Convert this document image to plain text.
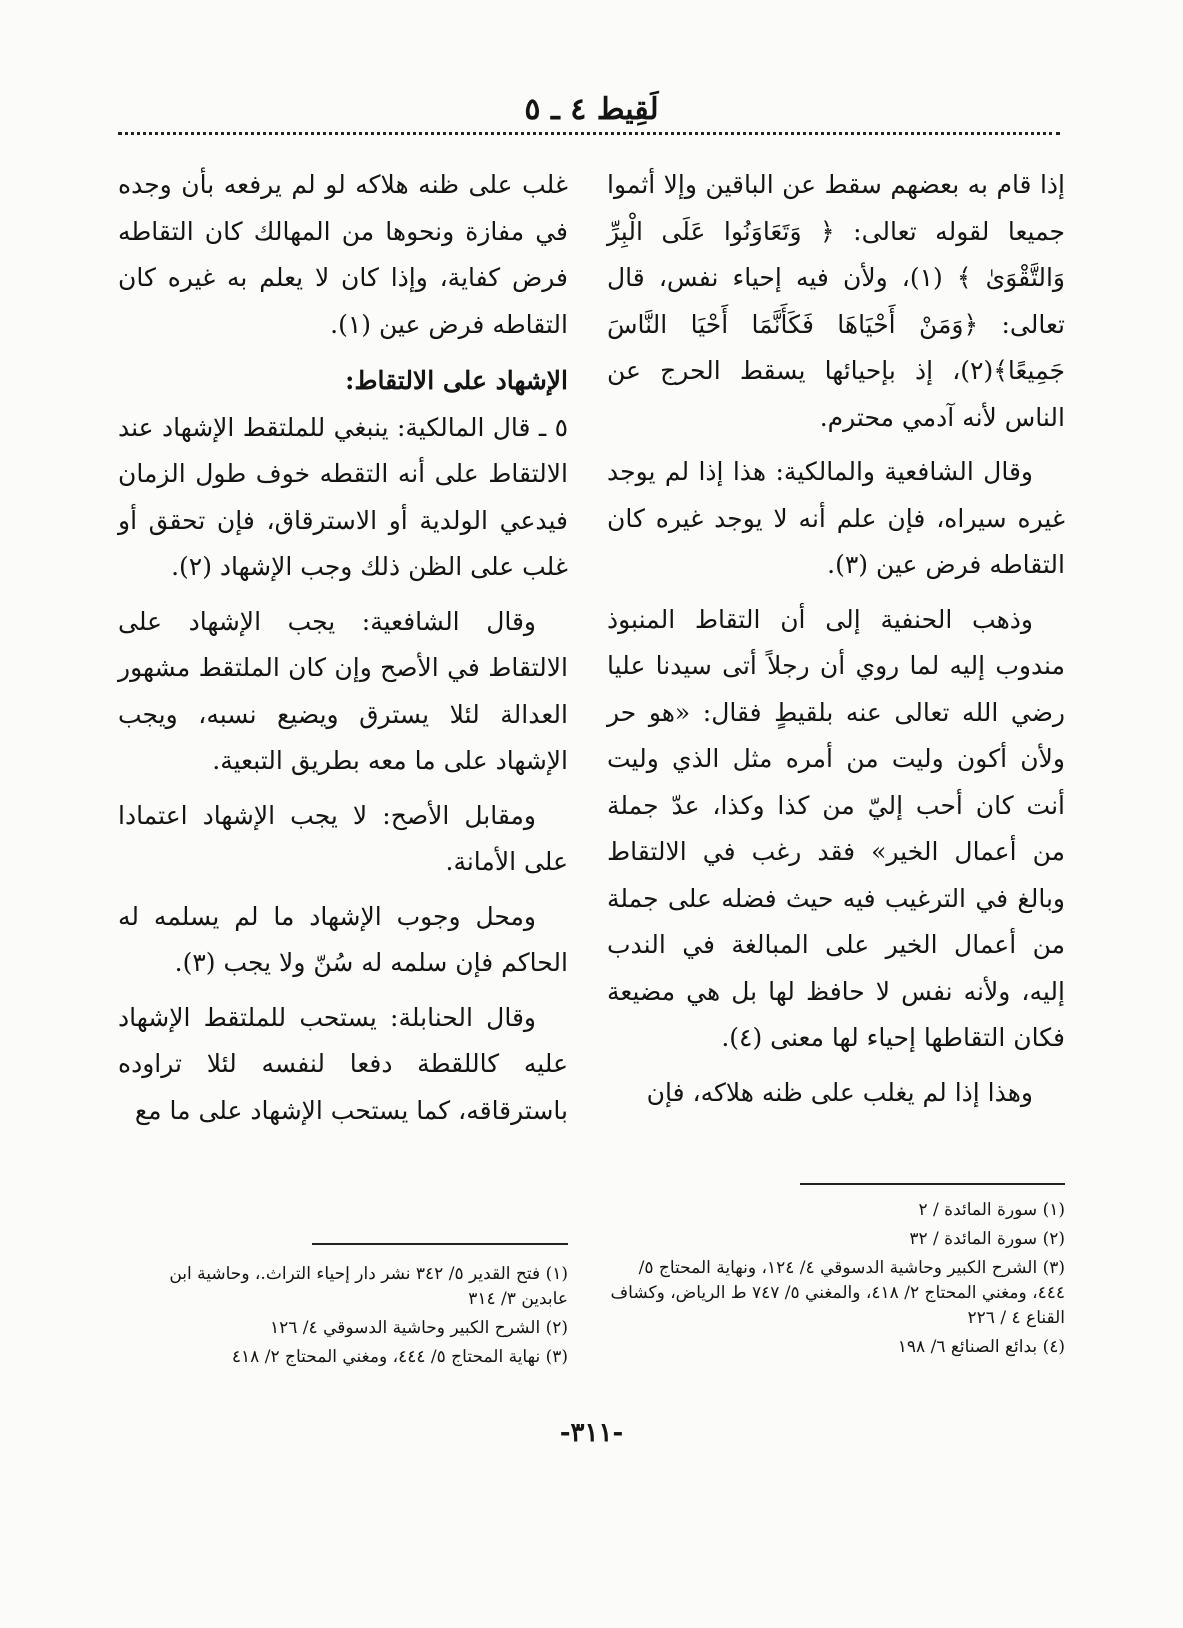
لَقِيط ٤ ـ ٥

إذا قام به بعضهم سقط عن الباقين وإلا أثموا جميعا لقوله تعالى: ﴿ وَتَعَاوَنُوا عَلَى الْبِرِّ وَالتَّقْوَىٰ ﴾ (١)، ولأن فيه إحياء نفس، قال تعالى: ﴿وَمَنْ أَحْيَاهَا فَكَأَنَّمَا أَحْيَا النَّاسَ جَمِيعًا﴾(٢)، إذ بإحيائها يسقط الحرج عن الناس لأنه آدمي محترم.

وقال الشافعية والمالكية: هذا إذا لم يوجد غيره سيراه، فإن علم أنه لا يوجد غيره كان التقاطه فرض عين (٣).

وذهب الحنفية إلى أن التقاط المنبوذ مندوب إليه لما روي أن رجلاً أتى سيدنا عليا رضي الله تعالى عنه بلقيطٍ فقال: «هو حر ولأن أكون وليت من أمره مثل الذي وليت أنت كان أحب إليّ من كذا وكذا، عدّ جملة من أعمال الخير» فقد رغب في الالتقاط وبالغ في الترغيب فيه حيث فضله على جملة من أعمال الخير على المبالغة في الندب إليه، ولأنه نفس لا حافظ لها بل هي مضيعة فكان التقاطها إحياء لها معنى (٤).

وهذا إذا لم يغلب على ظنه هلاكه، فإن

غلب على ظنه هلاكه لو لم يرفعه بأن وجده في مفازة ونحوها من المهالك كان التقاطه فرض كفاية، وإذا كان لا يعلم به غيره كان التقاطه فرض عين (١).

الإشهاد على الالتقاط:

٥ ـ قال المالكية: ينبغي للملتقط الإشهاد عند الالتقاط على أنه التقطه خوف طول الزمان فيدعي الولدية أو الاسترقاق، فإن تحقق أو غلب على الظن ذلك وجب الإشهاد (٢).

وقال الشافعية: يجب الإشهاد على الالتقاط في الأصح وإن كان الملتقط مشهور العدالة لئلا يسترق ويضيع نسبه، ويجب الإشهاد على ما معه بطريق التبعية.

ومقابل الأصح: لا يجب الإشهاد اعتمادا على الأمانة.

ومحل وجوب الإشهاد ما لم يسلمه له الحاكم فإن سلمه له سُنّ ولا يجب (٣).

وقال الحنابلة: يستحب للملتقط الإشهاد عليه كاللقطة دفعا لنفسه لئلا تراوده باسترقاقه، كما يستحب الإشهاد على ما مع

(١) سورة المائدة / ٢
(٢) سورة المائدة / ٣٢
(٣) الشرح الكبير وحاشية الدسوقي ٤/ ١٢٤، ونهاية المحتاج ٥/ ٤٤٤، ومغني المحتاج ٢/ ٤١٨، والمغني ٥/ ٧٤٧ ط الرياض، وكشاف القناع ٤ / ٢٢٦
(٤) بدائع الصنائع ٦/ ١٩٨
(١) فتح القدير ٥/ ٣٤٢ نشر دار إحياء التراث.، وحاشية ابن عابدين ٣/ ٣١٤
(٢) الشرح الكبير وحاشية الدسوقي ٤/ ١٢٦
(٣) نهاية المحتاج ٥/ ٤٤٤، ومغني المحتاج ٢/ ٤١٨
-٣١١-
